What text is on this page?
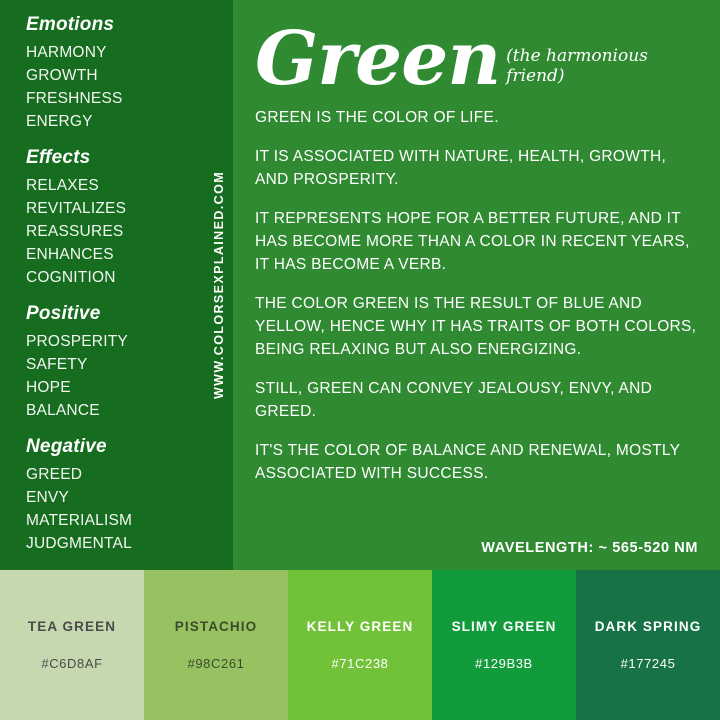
Emotions
HARMONY
GROWTH
FRESHNESS
ENERGY
Effects
RELAXES
REVITALIZES
REASSURES
ENHANCES COGNITION
Positive
PROSPERITY
SAFETY
HOPE
BALANCE
Negative
GREED
ENVY
MATERIALISM
JUDGMENTAL
WWW.COLORSEXPLAINED.COM
Green (the harmonious friend)

GREEN IS THE COLOR OF LIFE.

IT IS ASSOCIATED WITH NATURE, HEALTH, GROWTH, AND PROSPERITY.

IT REPRESENTS HOPE FOR A BETTER FUTURE, AND IT HAS BECOME MORE THAN A COLOR IN RECENT YEARS, IT HAS BECOME A VERB.

THE COLOR GREEN IS THE RESULT OF BLUE AND YELLOW, HENCE WHY IT HAS TRAITS OF BOTH COLORS, BEING RELAXING BUT ALSO ENERGIZING.

STILL, GREEN CAN CONVEY JEALOUSY, ENVY, AND GREED.

IT'S THE COLOR OF BALANCE AND RENEWAL, MOSTLY ASSOCIATED WITH SUCCESS.

WAVELENGTH: ~ 565-520 NM
TEA GREEN
#C6D8AF
PISTACHIO
#98C261
KELLY GREEN
#71C238
SLIMY GREEN
#129B3B
DARK SPRING
#177245
